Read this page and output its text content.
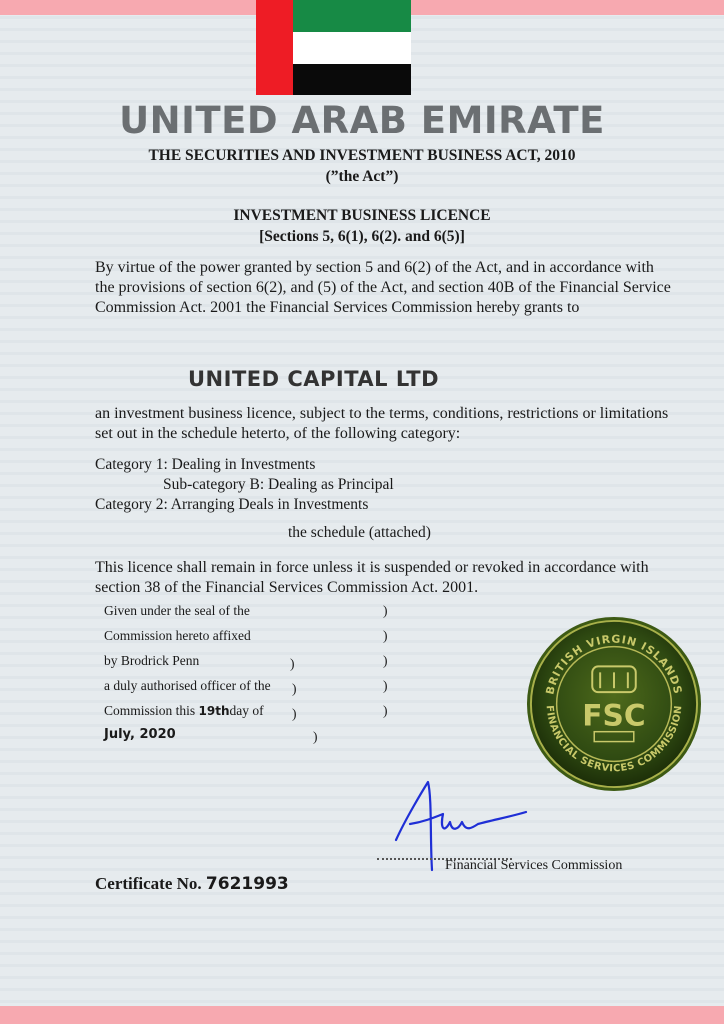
UNITED ARAB EMIRATE
THE SECURITIES AND INVESTMENT BUSINESS ACT, 2010
(”the Act”)
INVESTMENT BUSINESS LICENCE
[Sections 5, 6(1), 6(2). and 6(5)]
By virtue of the power granted by section 5 and 6(2) of the Act, and in accordance with the provisions of section 6(2), and (5) of the Act, and section 40B of the Financial Service Commission Act. 2001 the Financial Services Commission hereby grants to
UNITED CAPITAL LTD
an investment business licence, subject to the terms, conditions, restrictions or limitations set out in the schedule heterto, of the following category:
Category 1: Dealing in Investments
Sub-category B: Dealing as Principal
Category 2: Arranging Deals in Investments
the schedule (attached)
This licence shall remain in force unless it is suspended or revoked in accordance with section 38 of the Financial Services Commission Act. 2001.
Given under the seal of the
Commission hereto affixed
by Brodrick Penn
a duly authorised officer of the
Commission this 19thday of
July, 2020
)
)
)	)
)	)
)	)
)
BRITISH VIRGIN ISLANDS
FINANCIAL SERVICES COMMISSION
FSC
Financial Services Commission
Certificate No. 7621993
